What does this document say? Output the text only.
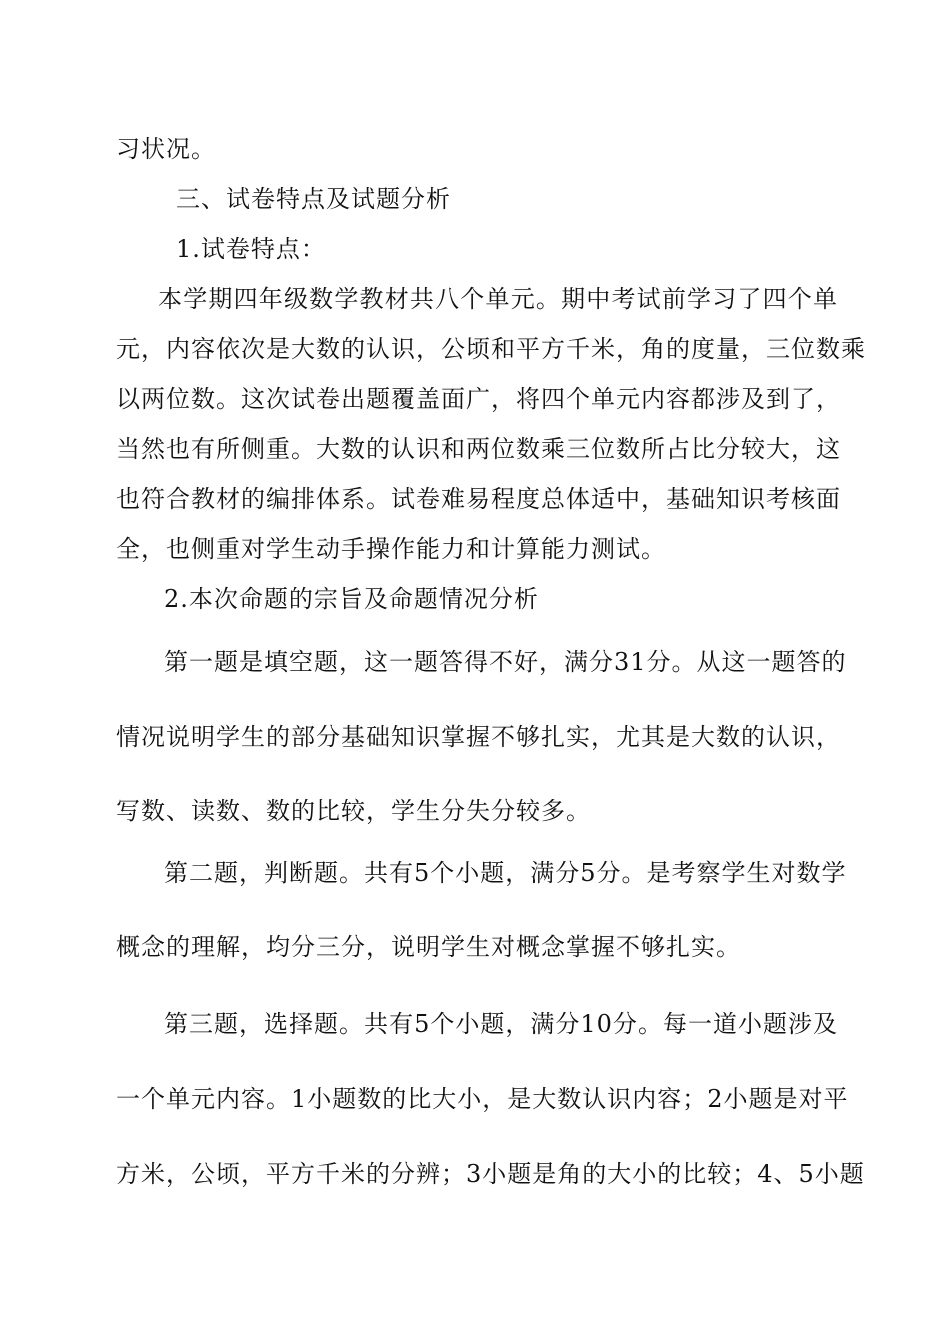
习状况。
三、试卷特点及试题分析
1.试卷特点：
本学期四年级数学教材共八个单元。期中考试前学习了四个单
元，内容依次是大数的认识，公顷和平方千米，角的度量，三位数乘
以两位数。这次试卷出题覆盖面广，将四个单元内容都涉及到了，
当然也有所侧重。大数的认识和两位数乘三位数所占比分较大，这
也符合教材的编排体系。试卷难易程度总体适中，基础知识考核面
全，也侧重对学生动手操作能力和计算能力测试。
2.本次命题的宗旨及命题情况分析
第一题是填空题，这一题答得不好，满分31分。从这一题答的
情况说明学生的部分基础知识掌握不够扎实，尤其是大数的认识，
写数、读数、数的比较，学生分失分较多。
第二题，判断题。共有5个小题，满分5分。是考察学生对数学
概念的理解，均分三分，说明学生对概念掌握不够扎实。
第三题，选择题。共有5个小题，满分10分。每一道小题涉及
一个单元内容。1小题数的比大小，是大数认识内容；2小题是对平
方米，公顷，平方千米的分辨；3小题是角的大小的比较；4、5小题
